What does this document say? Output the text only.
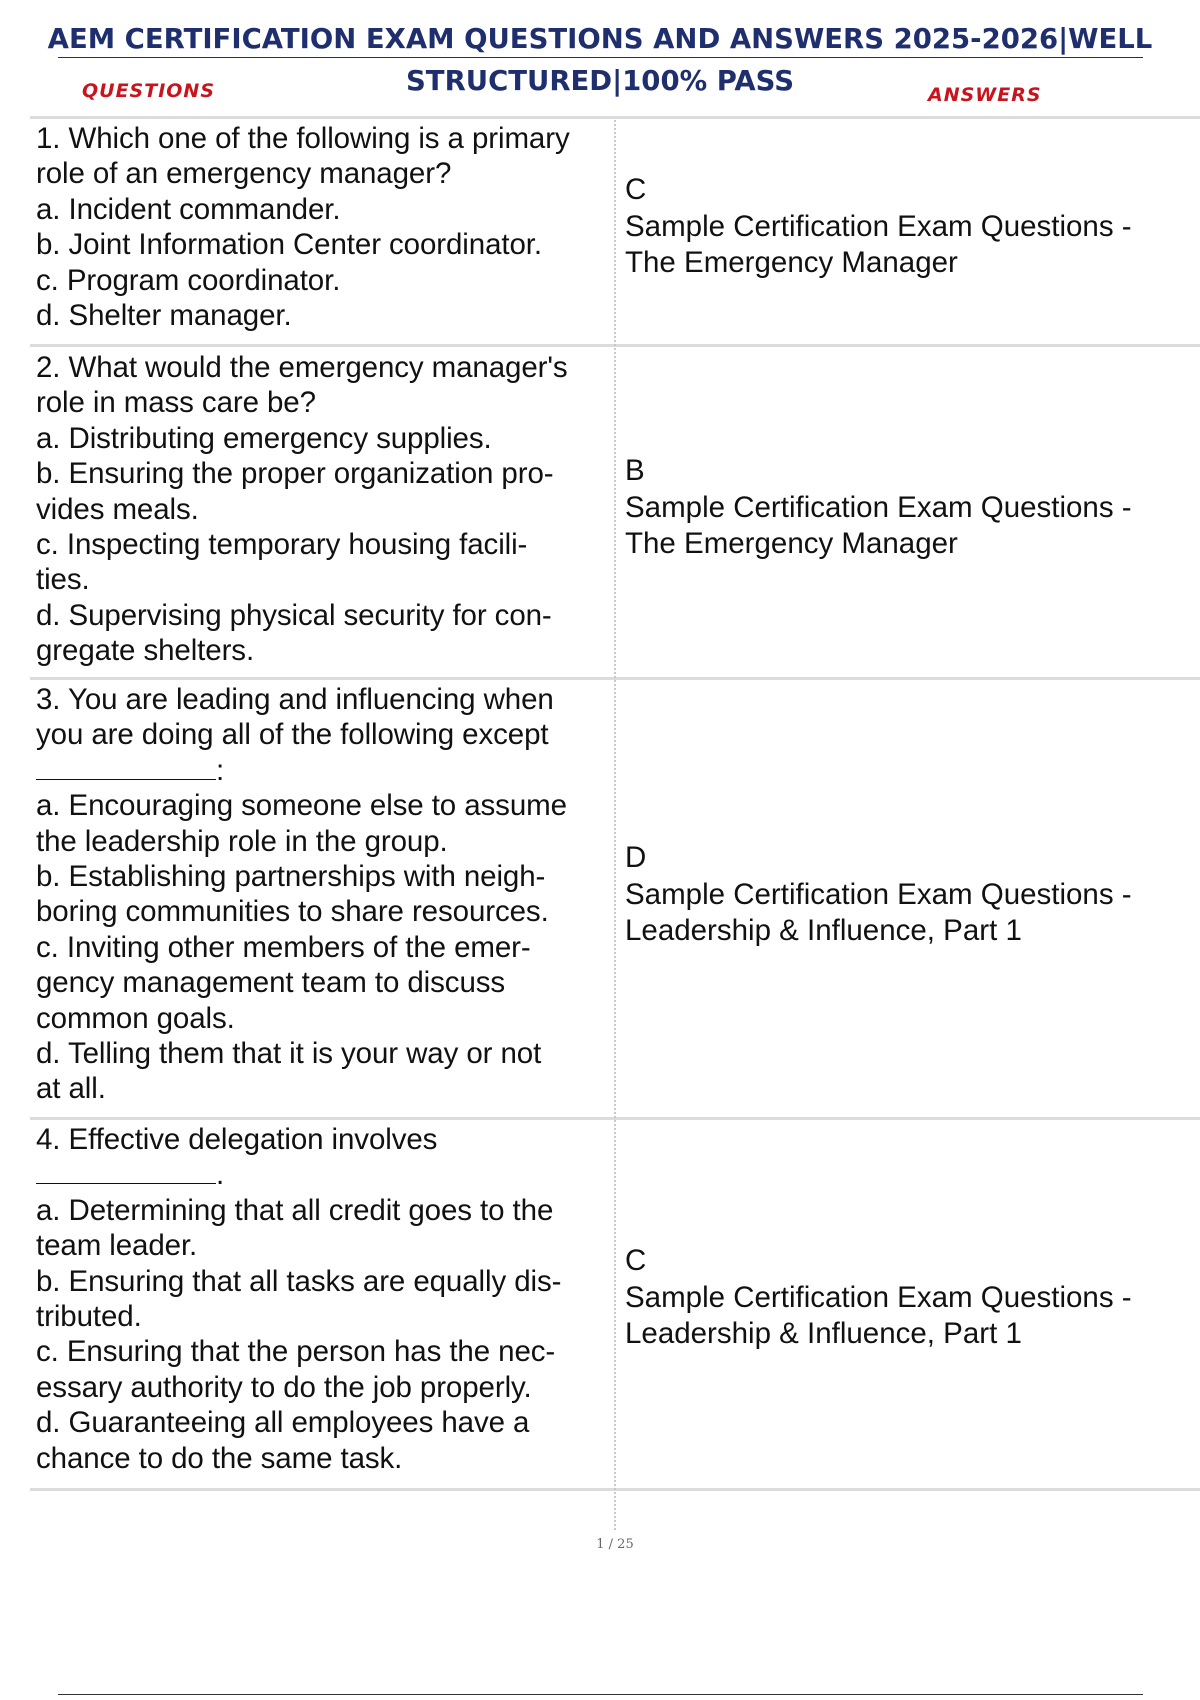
AEM CERTIFICATION EXAM QUESTIONS AND ANSWERS 2025-2026|WELL
STRUCTURED|100% PASS
QUESTIONS	ANSWERS
1. Which one of the following is a primary
role of an emergency manager?
a. Incident commander.
b. Joint Information Center coordinator.
c. Program coordinator.
d. Shelter manager.
C
Sample Certification Exam Questions -
The Emergency Manager
2. What would the emergency manager's
role in mass care be?
a. Distributing emergency supplies.
b. Ensuring the proper organization pro-
vides meals.
c. Inspecting temporary housing facili-
ties.
d. Supervising physical security for con-
gregate shelters.
B
Sample Certification Exam Questions -
The Emergency Manager
3. You are leading and influencing when
you are doing all of the following except
:
a. Encouraging someone else to assume
the leadership role in the group.
b. Establishing partnerships with neigh-
boring communities to share resources.
c. Inviting other members of the emer-
gency management team to discuss
common goals.
d. Telling them that it is your way or not
at all.
D
Sample Certification Exam Questions -
Leadership & Influence, Part 1
4. Effective delegation involves
.
a. Determining that all credit goes to the
team leader.
b. Ensuring that all tasks are equally dis-
tributed.
c. Ensuring that the person has the nec-
essary authority to do the job properly.
d. Guaranteeing all employees have a
chance to do the same task.
C
Sample Certification Exam Questions -
Leadership & Influence, Part 1
1 / 25
